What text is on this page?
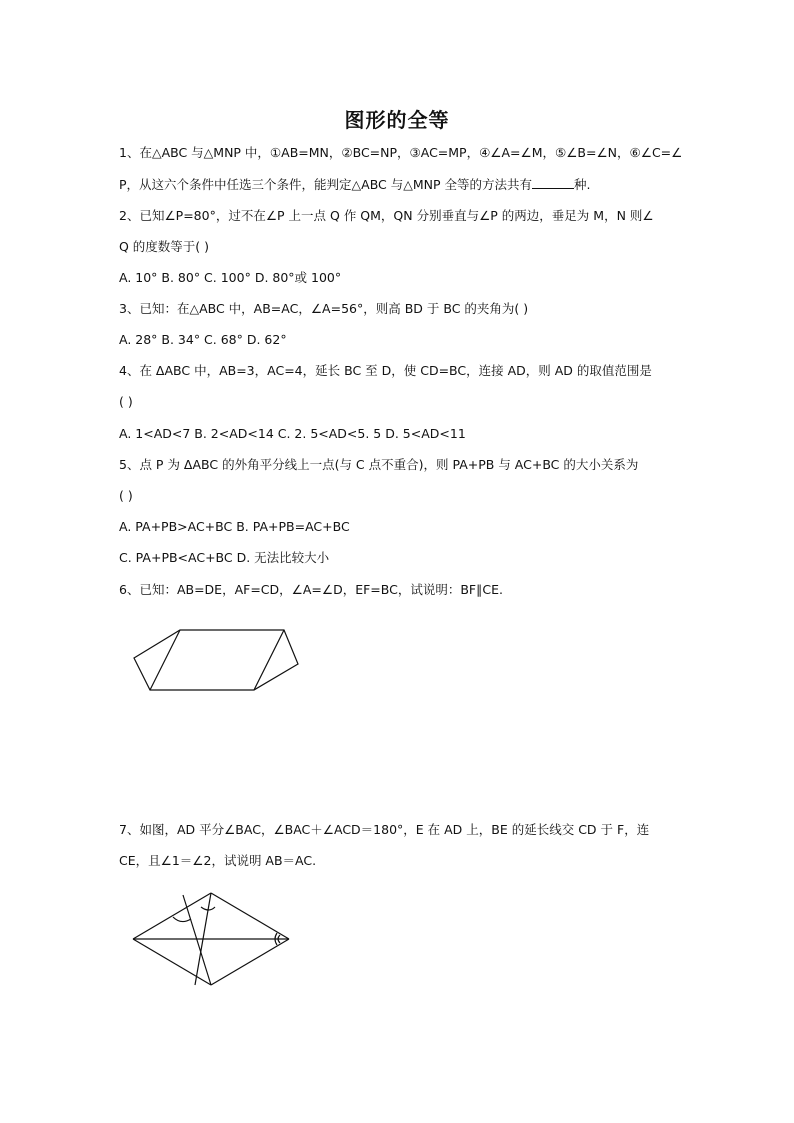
图形的全等
1、在△ABC 与△MNP 中，①AB=MN，②BC=NP，③AC=MP，④∠A=∠M，⑤∠B=∠N，⑥∠C=∠
P，从这六个条件中任选三个条件，能判定△ABC 与△MNP 全等的方法共有	种.
2、已知∠P=80°，过不在∠P 上一点 Q 作 QM，QN 分别垂直与∠P 的两边，垂足为 M，N 则∠
Q 的度数等于( )
A. 10° B. 80° C. 100° D. 80°或 100°
3、已知：在△ABC 中，AB=AC，∠A=56°，则高 BD 于 BC 的夹角为( )
A. 28° B. 34° C. 68° D. 62°
4、在 ΔABC 中，AB=3，AC=4，延长 BC 至 D，使 CD=BC，连接 AD，则 AD 的取值范围是
( )
A. 1<AD<7 B. 2<AD<14 C. 2. 5<AD<5. 5 D. 5<AD<11
5、点 P 为 ΔABC 的外角平分线上一点(与 C 点不重合)，则 PA+PB 与 AC+BC 的大小关系为
( )
A. PA+PB>AC+BC B. PA+PB=AC+BC
C. PA+PB<AC+BC D. 无法比较大小
6、已知：AB=DE，AF=CD，∠A=∠D，EF=BC，试说明：BF∥CE.
7、如图，AD 平分∠BAC，∠BAC＋∠ACD＝180°，E 在 AD 上，BE 的延长线交 CD 于 F，连
CE，且∠1＝∠2，试说明 AB＝AC.
